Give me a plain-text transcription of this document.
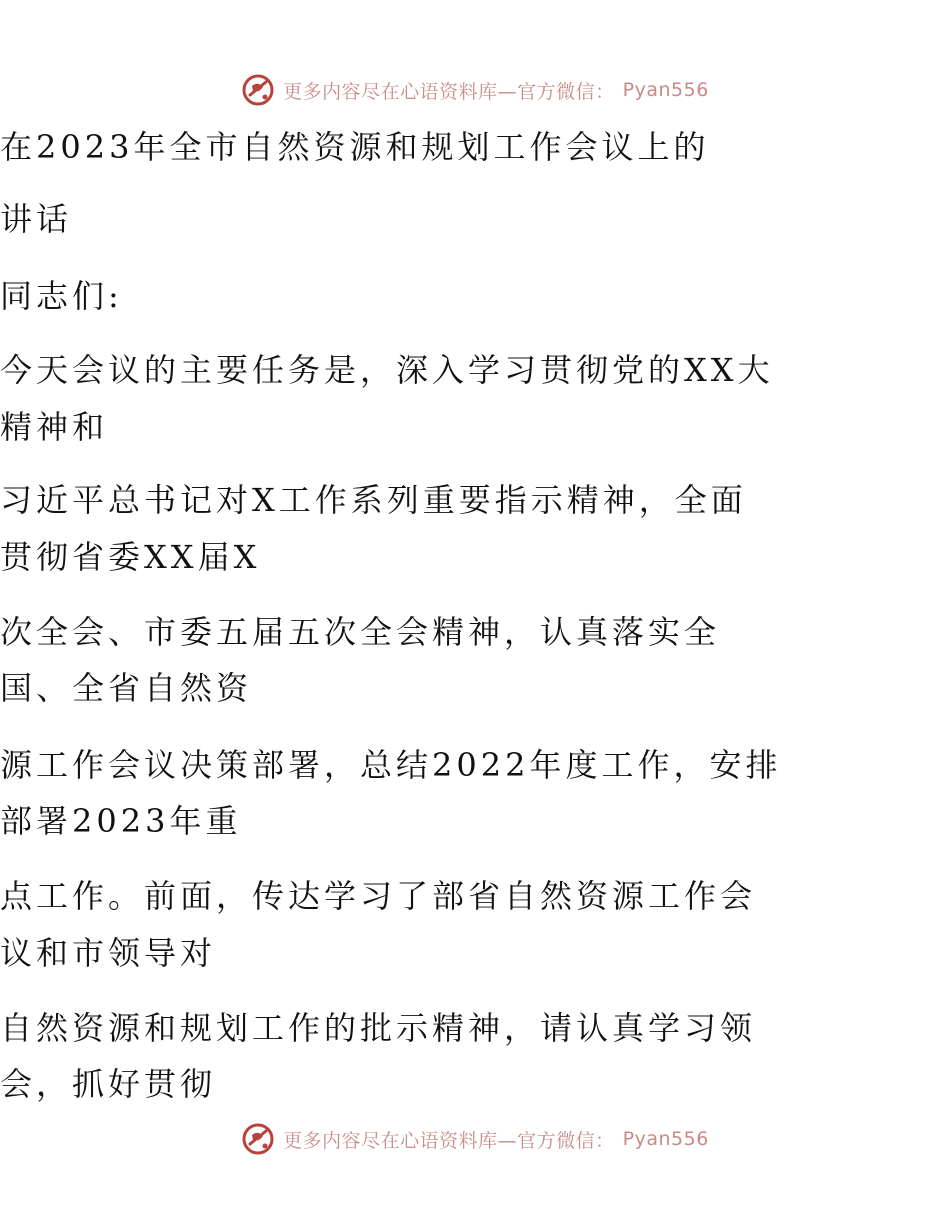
更多内容尽在心语资料库—官方微信： Pyan556
在2023年全市自然资源和规划工作会议上的
讲话
同志们:
今天会议的主要任务是，深入学习贯彻党的XX大
精神和
习近平总书记对X工作系列重要指示精神，全面
贯彻省委XX届X
次全会、市委五届五次全会精神，认真落实全
国、全省自然资
源工作会议决策部署，总结2022年度工作，安排
部署2023年重
点工作。前面，传达学习了部省自然资源工作会
议和市领导对
自然资源和规划工作的批示精神，请认真学习领
会，抓好贯彻
更多内容尽在心语资料库—官方微信： Pyan556
